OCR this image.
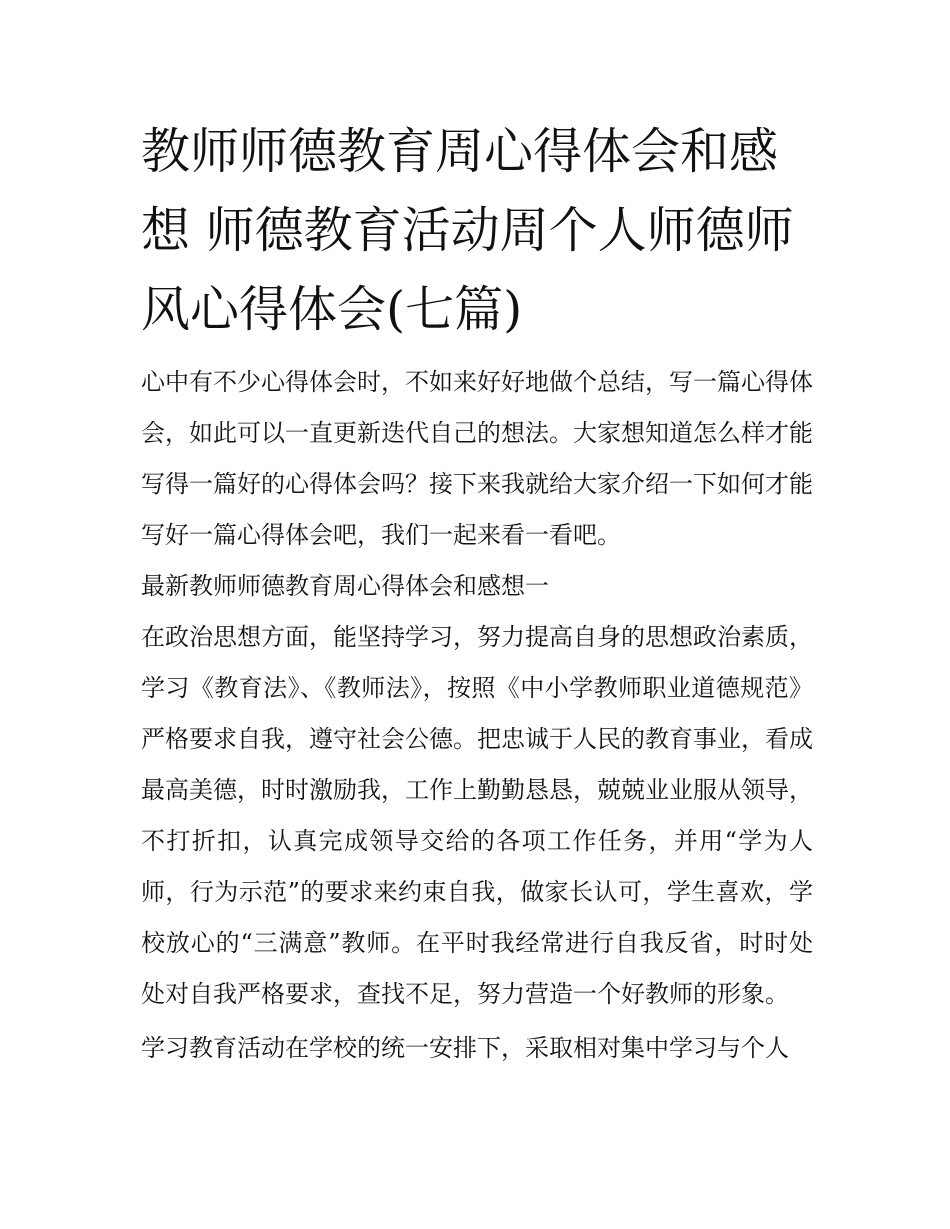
教师师德教育周心得体会和感想 师德教育活动周个人师德师风心得体会(七篇)

心中有不少心得体会时，不如来好好地做个总结，写一篇心得体会，如此可以一直更新迭代自己的想法。大家想知道怎么样才能写得一篇好的心得体会吗？接下来我就给大家介绍一下如何才能写好一篇心得体会吧，我们一起来看一看吧。

最新教师师德教育周心得体会和感想一

在政治思想方面，能坚持学习，努力提高自身的思想政治素质，学习《教育法》、《教师法》，按照《中小学教师职业道德规范》严格要求自我，遵守社会公德。把忠诚于人民的教育事业，看成最高美德，时时激励我，工作上勤勤恳恳，兢兢业业服从领导，不打折扣，认真完成领导交给的各项工作任务，并用“学为人师，行为示范”的要求来约束自我，做家长认可，学生喜欢，学校放心的“三满意”教师。在平时我经常进行自我反省，时时处处对自我严格要求，查找不足，努力营造一个好教师的形象。

学习教育活动在学校的统一安排下，采取相对集中学习与个人
